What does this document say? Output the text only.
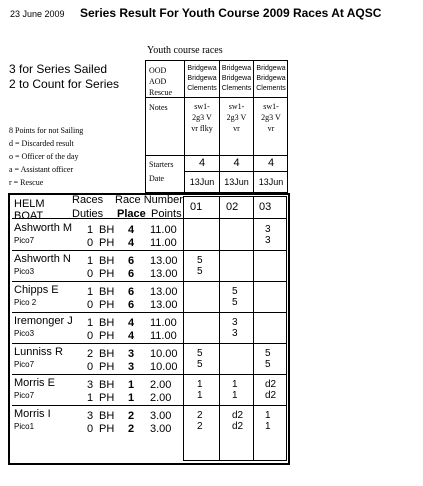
23 June 2009 Series Result For Youth Course 2009 Races At AQSC
Youth course races
3 for Series Sailed
2 to Count for Series
8 Points for not Sailing
d = Discarded result
o = Officer of the day
a = Assistant officer
r = Rescue
OOD
AOD
Rescue
Notes
Starters
Date
Bridgewa
Bridgewa
Clements
sw1-
2g3 V
vr flky
4
13Jun
Bridgewa
Bridgewa
Clements
sw1-
2g3 V
vr
4
13Jun
Bridgewa
Bridgewa
Clements
sw1-
2g3 V
vr
4
13Jun
HELM
BOAT
Races
Duties
Race Number
Place Points
01 02 03
Ashworth M
Pico7
1
0
BH
PH
4
4
11.00
11.00
3
3
Ashworth N
Pico3
1
0
BH
PH
6
6
13.00
13.00
5
5
Chipps E
Pico 2
1
0
BH
PH
6
6
13.00
13.00
5
5
Iremonger J
Pico3
1
0
BH
PH
4
4
11.00
11.00
3
3
Lunniss R
Pico7
2
0
BH
PH
3
3
10.00
10.00
5
5
5
5
Morris E
Pico7
3
1
BH
PH
1
1
2.00
2.00
1
1
1
1
d2
d2
Morris I
Pico1
3
0
BH
PH
2
2
3.00
3.00
2
2
d2
d2
1
1
